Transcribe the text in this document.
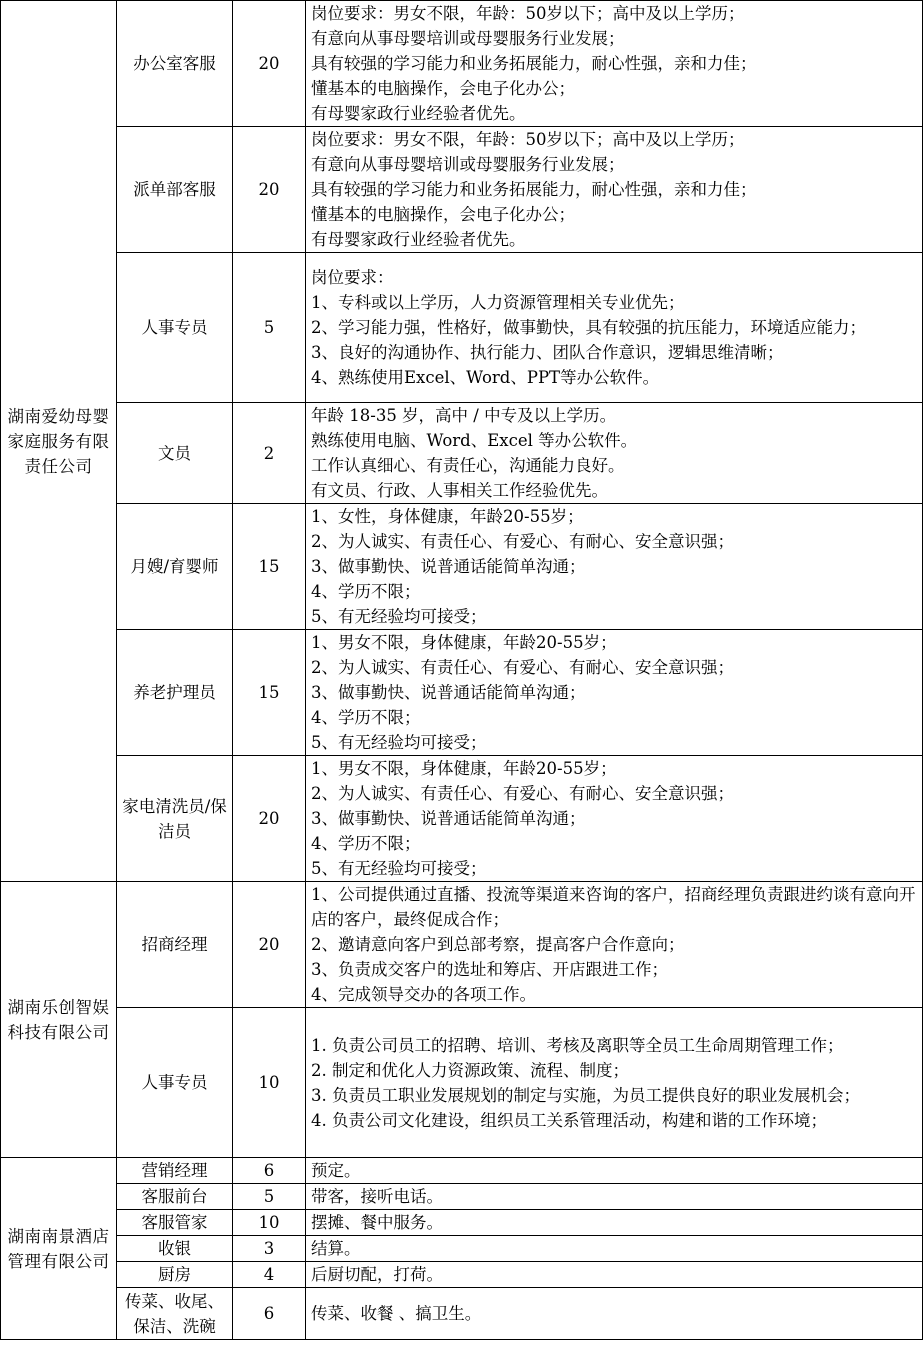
湖南爱幼母婴家庭服务有限责任公司	办公室客服	20	岗位要求：男女不限，年龄：50岁以下；高中及以上学历；
有意向从事母婴培训或母婴服务行业发展；
具有较强的学习能力和业务拓展能力，耐心性强，亲和力佳；
懂基本的电脑操作，会电子化办公；
有母婴家政行业经验者优先。

	派单部客服	20	岗位要求：男女不限，年龄：50岁以下；高中及以上学历；
有意向从事母婴培训或母婴服务行业发展；
具有较强的学习能力和业务拓展能力，耐心性强，亲和力佳；
懂基本的电脑操作，会电子化办公；
有母婴家政行业经验者优先。

	人事专员	5	岗位要求：
1、专科或以上学历，人力资源管理相关专业优先；
2、学习能力强，性格好，做事勤快，具有较强的抗压能力，环境适应能力；
3、良好的沟通协作、执行能力、团队合作意识，逻辑思维清晰；
4、熟练使用Excel、Word、PPT等办公软件。

	文员	2	年龄 18-35 岁，高中 / 中专及以上学历。
熟练使用电脑、Word、Excel 等办公软件。
工作认真细心、有责任心，沟通能力良好。
有文员、行政、人事相关工作经验优先。

	月嫂/育婴师	15	1、女性，身体健康，年龄20-55岁；
2、为人诚实、有责任心、有爱心、有耐心、安全意识强；
3、做事勤快、说普通话能简单沟通；
4、学历不限；
5、有无经验均可接受；

	养老护理员	15	1、男女不限，身体健康，年龄20-55岁；
2、为人诚实、有责任心、有爱心、有耐心、安全意识强；
3、做事勤快、说普通话能简单沟通；
4、学历不限；
5、有无经验均可接受；

	家电清洗员/保洁员	20	1、男女不限，身体健康，年龄20-55岁；
2、为人诚实、有责任心、有爱心、有耐心、安全意识强；
3、做事勤快、说普通话能简单沟通；
4、学历不限；
5、有无经验均可接受；

湖南乐创智娱科技有限公司	招商经理	20	1、公司提供通过直播、投流等渠道来咨询的客户，招商经理负责跟进约谈有意向开店的客户，最终促成合作；
2、邀请意向客户到总部考察，提高客户合作意向；
3、负责成交客户的选址和筹店、开店跟进工作；
4、完成领导交办的各项工作。

	人事专员	10	1. 负责公司员工的招聘、培训、考核及离职等全员工生命周期管理工作；
2. 制定和优化人力资源政策、流程、制度；
3. 负责员工职业发展规划的制定与实施，为员工提供良好的职业发展机会；
4. 负责公司文化建设，组织员工关系管理活动，构建和谐的工作环境；

湖南南景酒店管理有限公司	营销经理	6	预定。

	客服前台	5	带客，接听电话。

	客服管家	10	摆摊、餐中服务。

	收银	3	结算。

	厨房	4	后厨切配，打荷。

	传菜、收尾、保洁、洗碗	6	传菜、收餐 、搞卫生。
